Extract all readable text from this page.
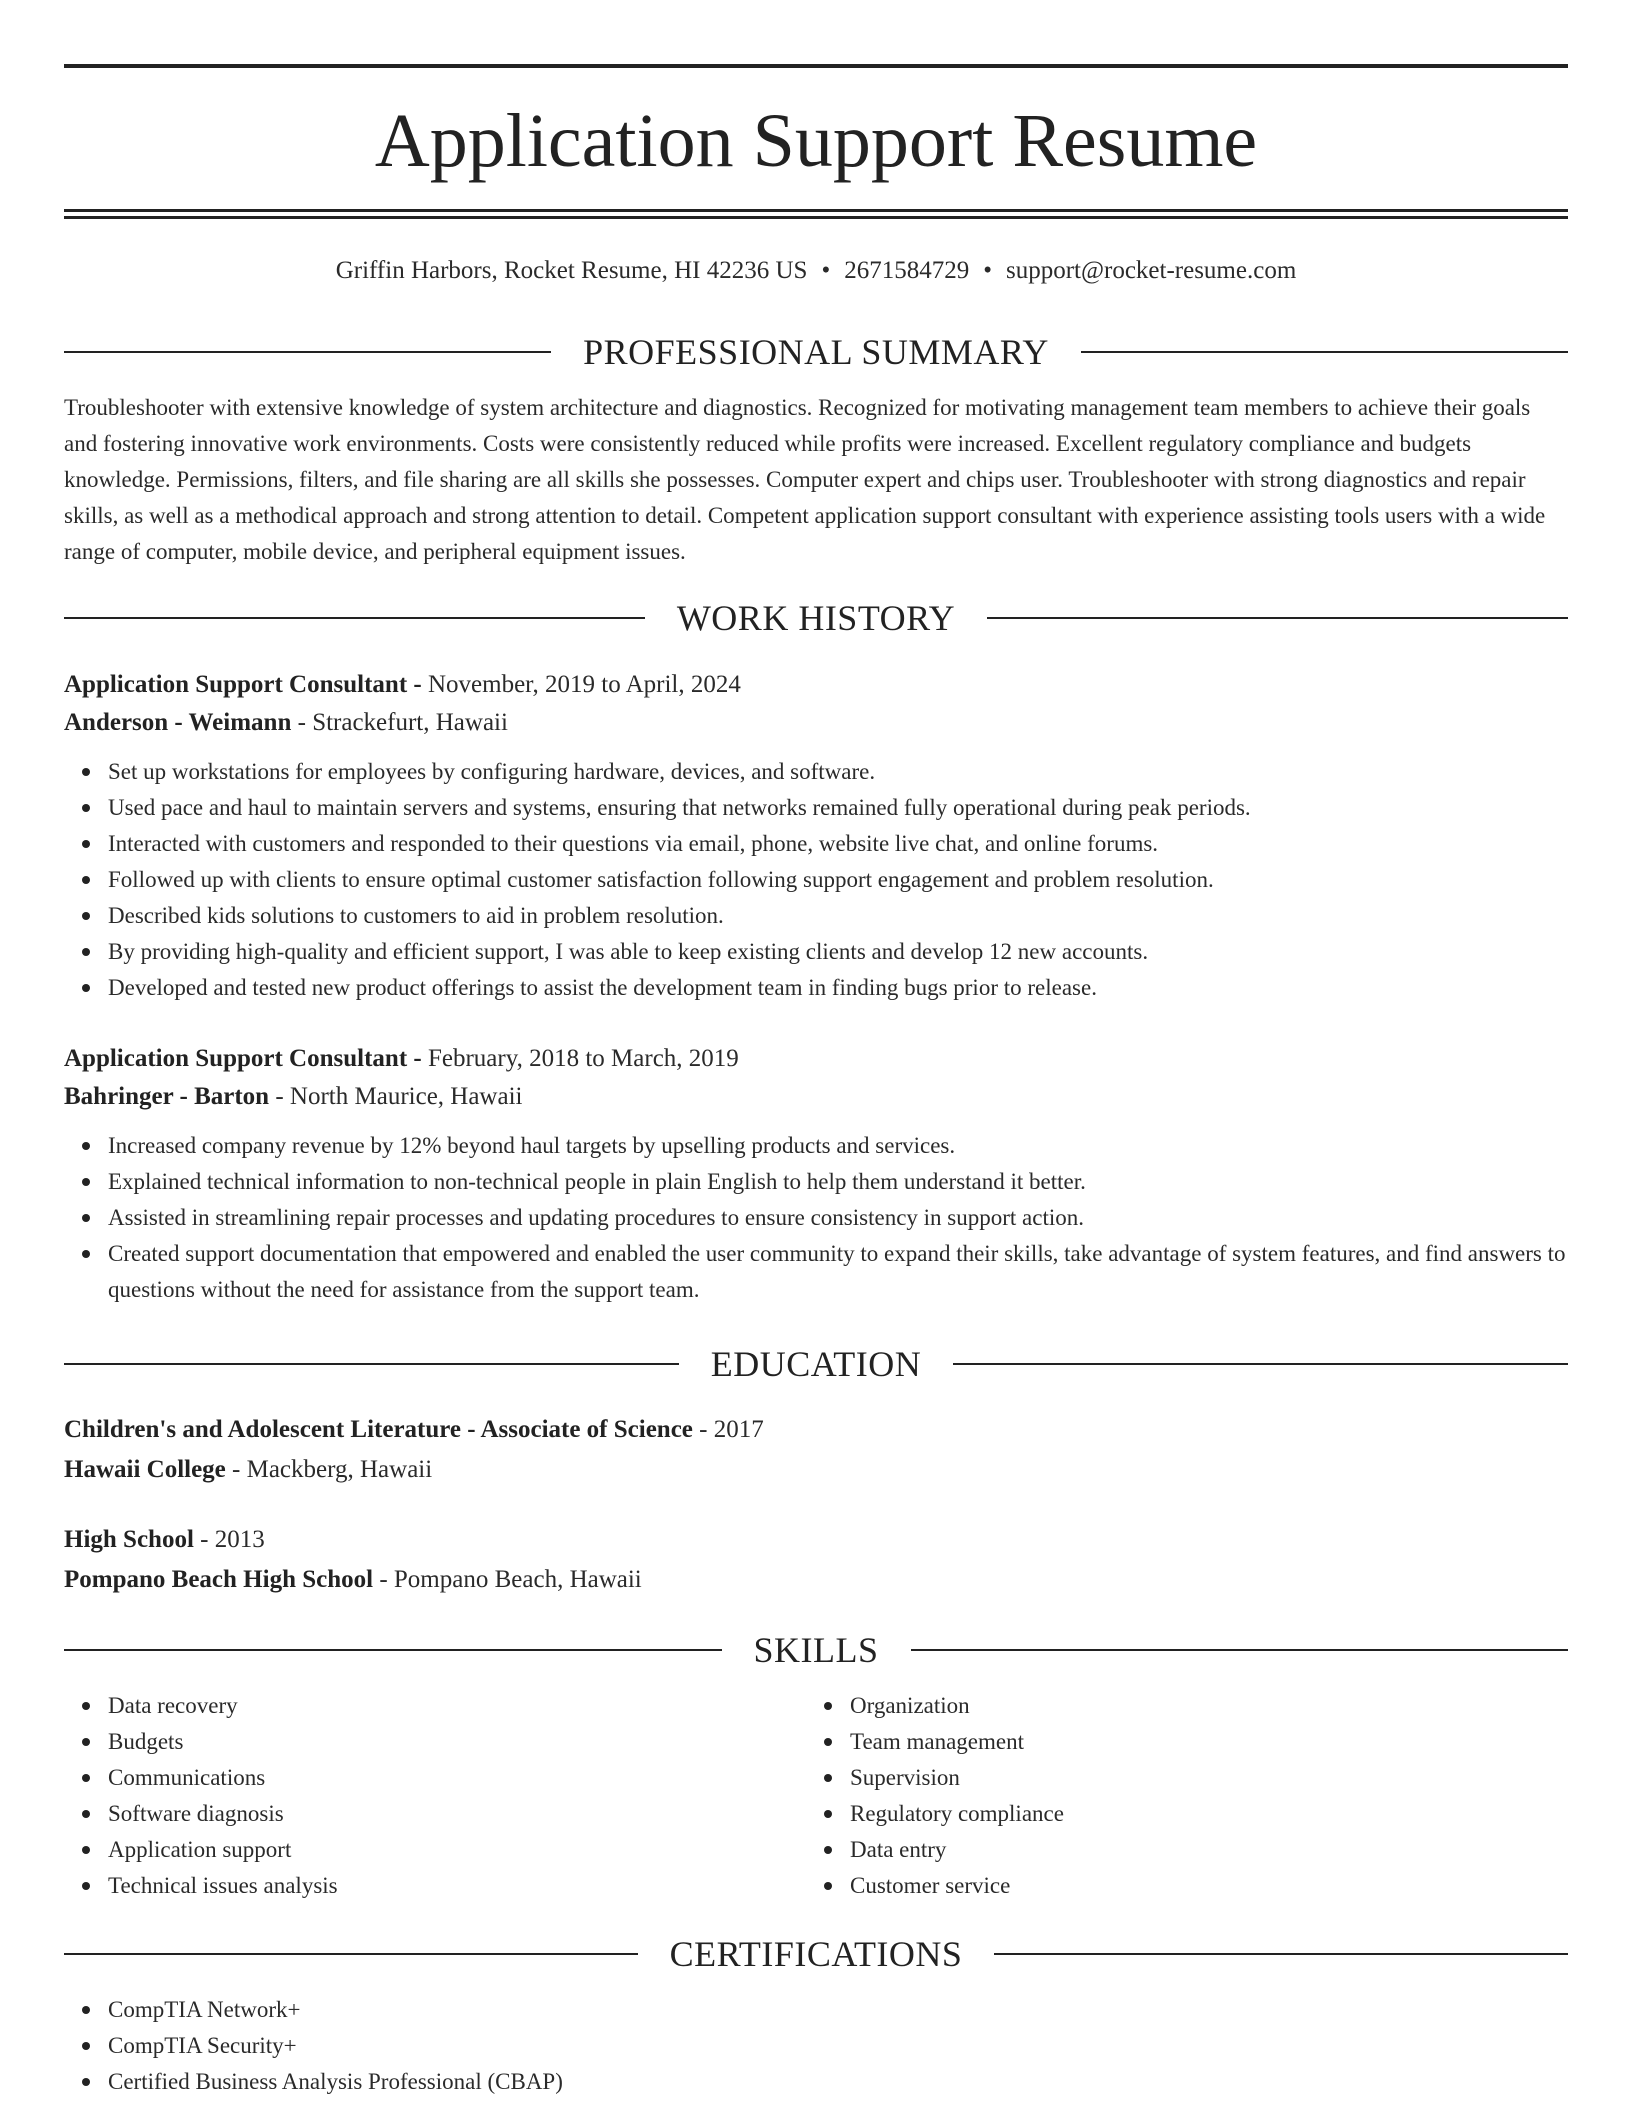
Application Support Resume
Griffin Harbors, Rocket Resume, HI 42236 US • 2671584729 • support@rocket-resume.com
PROFESSIONAL SUMMARY

Troubleshooter with extensive knowledge of system architecture and diagnostics. Recognized for motivating management team members to achieve their goals and fostering innovative work environments. Costs were consistently reduced while profits were increased. Excellent regulatory compliance and budgets knowledge. Permissions, filters, and file sharing are all skills she possesses. Computer expert and chips user. Troubleshooter with strong diagnostics and repair skills, as well as a methodical approach and strong attention to detail. Competent application support consultant with experience assisting tools users with a wide range of computer, mobile device, and peripheral equipment issues.

WORK HISTORY
Application Support Consultant - November, 2019 to April, 2024
Anderson - Weimann - Strackefurt, Hawaii
Set up workstations for employees by configuring hardware, devices, and software.
Used pace and haul to maintain servers and systems, ensuring that networks remained fully operational during peak periods.
Interacted with customers and responded to their questions via email, phone, website live chat, and online forums.
Followed up with clients to ensure optimal customer satisfaction following support engagement and problem resolution.
Described kids solutions to customers to aid in problem resolution.
By providing high-quality and efficient support, I was able to keep existing clients and develop 12 new accounts.
Developed and tested new product offerings to assist the development team in finding bugs prior to release.
Application Support Consultant - February, 2018 to March, 2019
Bahringer - Barton - North Maurice, Hawaii
Increased company revenue by 12% beyond haul targets by upselling products and services.
Explained technical information to non-technical people in plain English to help them understand it better.
Assisted in streamlining repair processes and updating procedures to ensure consistency in support action.
Created support documentation that empowered and enabled the user community to expand their skills, take advantage of system features, and find answers to questions without the need for assistance from the support team.
EDUCATION
Children's and Adolescent Literature - Associate of Science - 2017
Hawaii College - Mackberg, Hawaii
High School - 2013
Pompano Beach High School - Pompano Beach, Hawaii
SKILLS
Data recovery
Budgets
Communications
Software diagnosis
Application support
Technical issues analysis
Organization
Team management
Supervision
Regulatory compliance
Data entry
Customer service
CERTIFICATIONS
CompTIA Network+
CompTIA Security+
Certified Business Analysis Professional (CBAP)
